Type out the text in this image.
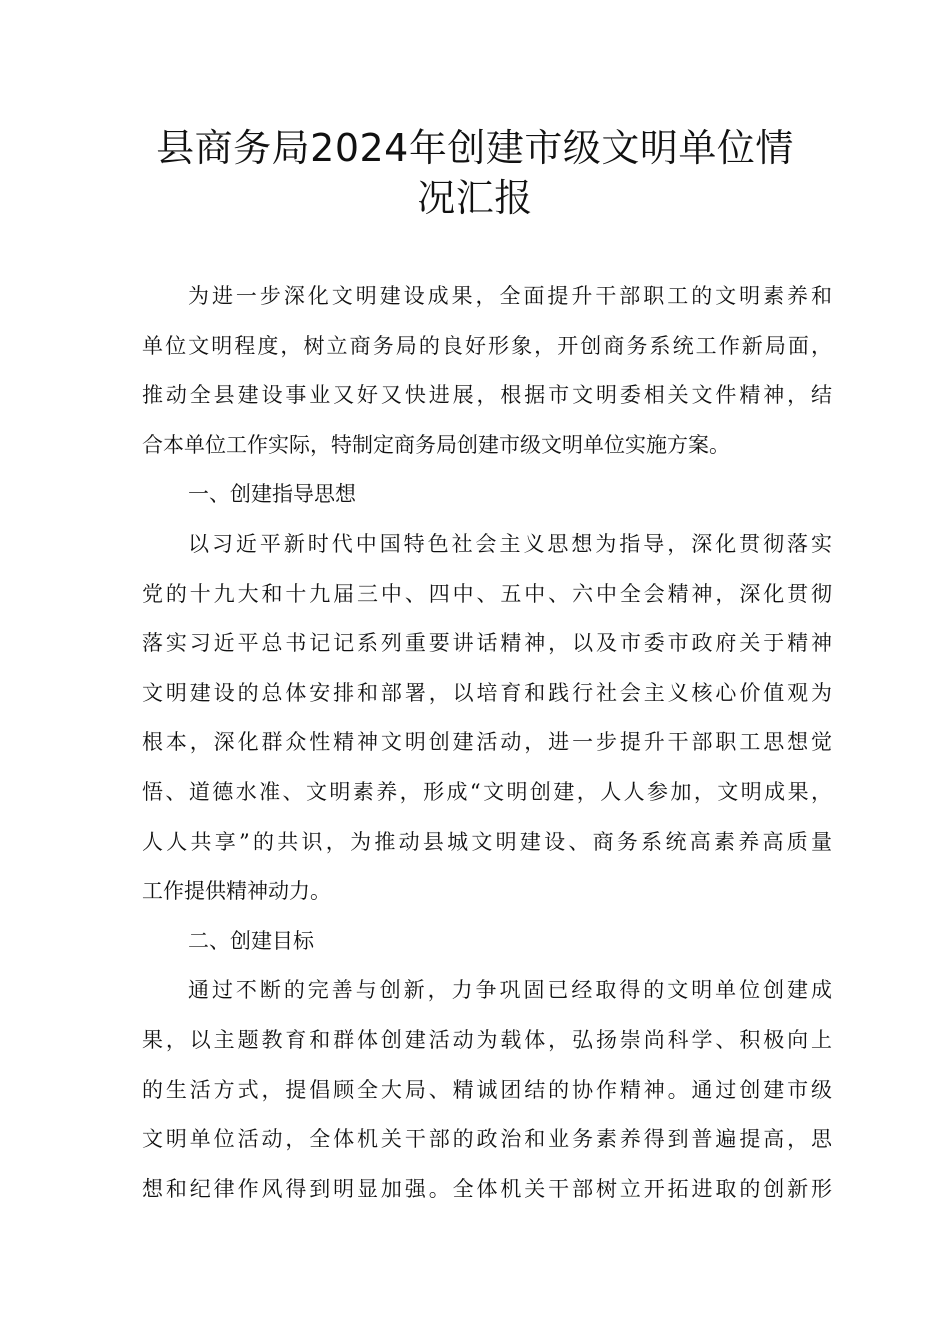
县商务局2024年创建市级文明单位情
况汇报
为进一步深化文明建设成果，全面提升干部职工的文明素养和
单位文明程度，树立商务局的良好形象，开创商务系统工作新局面，
推动全县建设事业又好又快进展，根据市文明委相关文件精神，结
合本单位工作实际，特制定商务局创建市级文明单位实施方案。
一、创建指导思想
以习近平新时代中国特色社会主义思想为指导，深化贯彻落实
党的十九大和十九届三中、四中、五中、六中全会精神，深化贯彻
落实习近平总书记记系列重要讲话精神，以及市委市政府关于精神
文明建设的总体安排和部署，以培育和践行社会主义核心价值观为
根本，深化群众性精神文明创建活动，进一步提升干部职工思想觉
悟、道德水准、文明素养，形成“文明创建，人人参加，文明成果，
人人共享”的共识，为推动县城文明建设、商务系统高素养高质量
工作提供精神动力。
二、创建目标
通过不断的完善与创新，力争巩固已经取得的文明单位创建成
果，以主题教育和群体创建活动为载体，弘扬崇尚科学、积极向上
的生活方式，提倡顾全大局、精诚团结的协作精神。通过创建市级
文明单位活动，全体机关干部的政治和业务素养得到普遍提高，思
想和纪律作风得到明显加强。全体机关干部树立开拓进取的创新形
